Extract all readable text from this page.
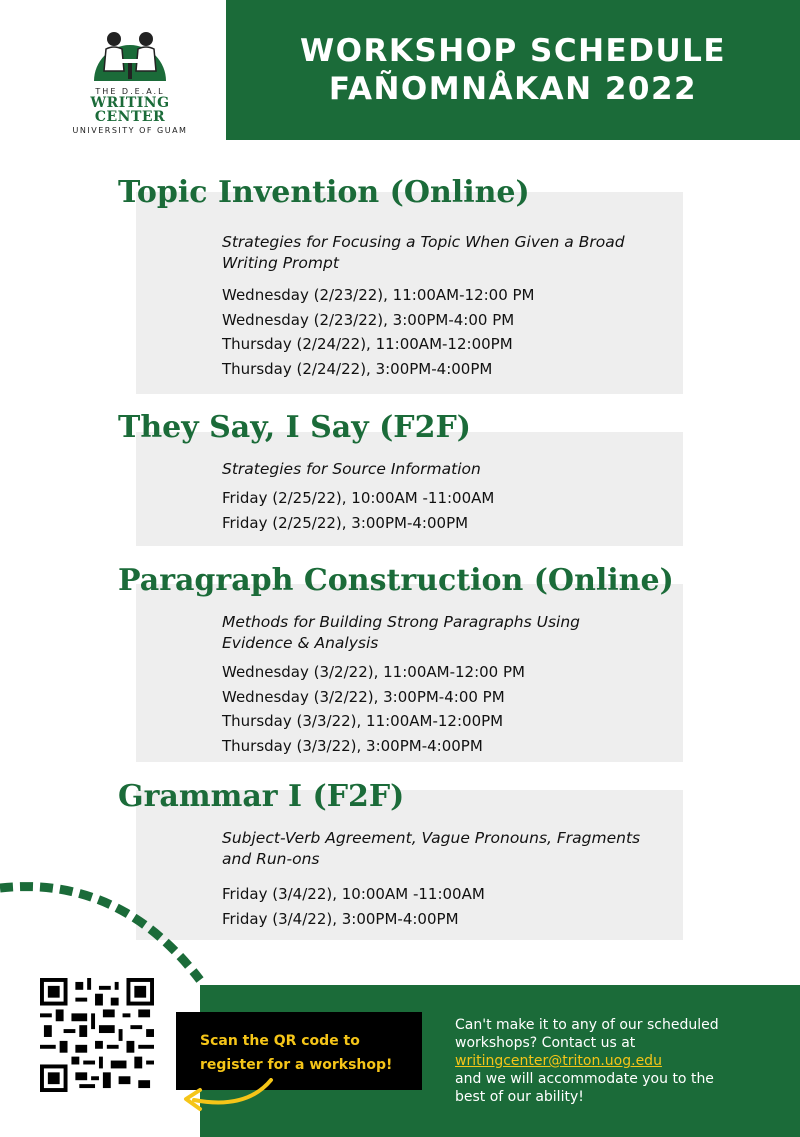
THE D.E.A.L
WRITING CENTER
UNIVERSITY OF GUAM
WORKSHOP SCHEDULE
FAÑOMNÅKAN 2022
Topic Invention (Online)
Strategies for Focusing a Topic When Given a Broad Writing Prompt
Wednesday (2/23/22), 11:00AM-12:00 PM
Wednesday (2/23/22), 3:00PM-4:00 PM
Thursday (2/24/22), 11:00AM-12:00PM
Thursday (2/24/22), 3:00PM-4:00PM
They Say, I Say (F2F)
Strategies for Source Information
Friday (2/25/22), 10:00AM -11:00AM
Friday (2/25/22), 3:00PM-4:00PM
Paragraph Construction (Online)
Methods for Building Strong Paragraphs Using Evidence & Analysis
Wednesday (3/2/22), 11:00AM-12:00 PM
Wednesday (3/2/22), 3:00PM-4:00 PM
Thursday (3/3/22), 11:00AM-12:00PM
Thursday (3/3/22), 3:00PM-4:00PM
Grammar I (F2F)
Subject-Verb Agreement, Vague Pronouns, Fragments and Run-ons
Friday (3/4/22), 10:00AM -11:00AM
Friday (3/4/22), 3:00PM-4:00PM
Scan the QR code to
register for a workshop!
Can't make it to any of our scheduled
workshops? Contact us at
writingcenter@triton.uog.edu
and we will accommodate you to the
best of our ability!
